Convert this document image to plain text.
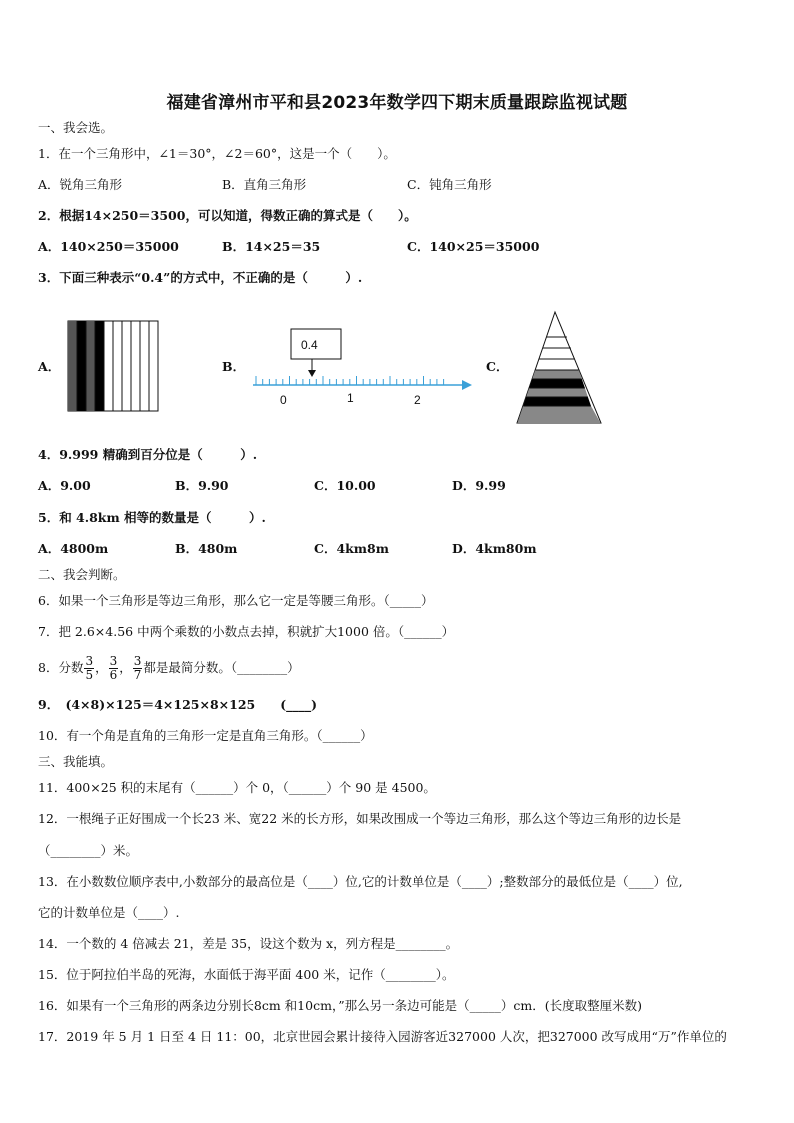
福建省漳州市平和县2023年数学四下期末质量跟踪监视试题
一、我会选。
1．在一个三角形中，∠1＝30°，∠2＝60°，这是一个（　　）。
A．锐角三角形	B．直角三角形	C．钝角三角形
2．根据14×250＝3500，可以知道，得数正确的算式是（　　）。
A．140×250＝35000	B．14×25＝35	C．140×25＝35000
3．下面三种表示“0.4”的方式中，不正确的是（　　　）.
A．	B．
0.4
0	1	2
C．
4．9.999 精确到百分位是（　　　）.
A．9.00	B．9.90	C．10.00	D．9.99
5．和 4.8km 相等的数量是（　　　）.
A．4800m	B．480m	C．4km8m	D．4km80m
二、我会判断。
6．如果一个三角形是等边三角形，那么它一定是等腰三角形。（_____）
7．把 2.6×4.56 中两个乘数的小数点去掉，积就扩大1000 倍。（______）
8．分数 $\frac{3}{5}$ ， $\frac{3}{6}$ ， $\frac{3}{7}$ 都是最简分数。（________）
9．　(4×8)×125＝4×125×8×125　　(____)
10．有一个角是直角的三角形一定是直角三角形。（______）
三、我能填。
11．400×25 积的末尾有（______）个 0，（______）个 90 是 4500。
12．一根绳子正好围成一个长23 米、宽22 米的长方形，如果改围成一个等边三角形，那么这个等边三角形的边长是
（________）米。
13．在小数数位顺序表中,小数部分的最高位是（____）位,它的计数单位是（____）;整数部分的最低位是（____）位,
它的计数单位是（____）.
14．一个数的 4 倍减去 21，差是 35，设这个数为 x，列方程是________。
15．位于阿拉伯半岛的死海，水面低于海平面 400 米，记作（________）。
16．如果有一个三角形的两条边分别长8cm 和10cm，”那么另一条边可能是（_____）cm．(长度取整厘米数)
17．2019 年 5 月 1 日至 4 日 11：00，北京世园会累计接待入园游客近327000 人次，把327000 改写成用“万”作单位的
